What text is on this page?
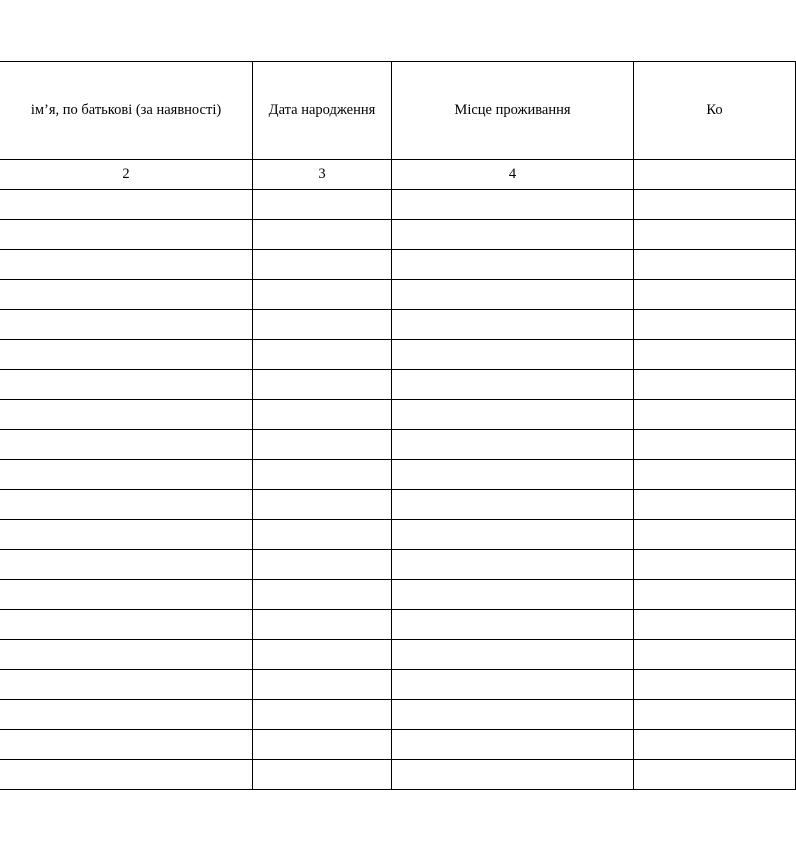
ім’я, по батькові (за наявності)	Дата народження	Місце проживання	Ко
2	3	4	
